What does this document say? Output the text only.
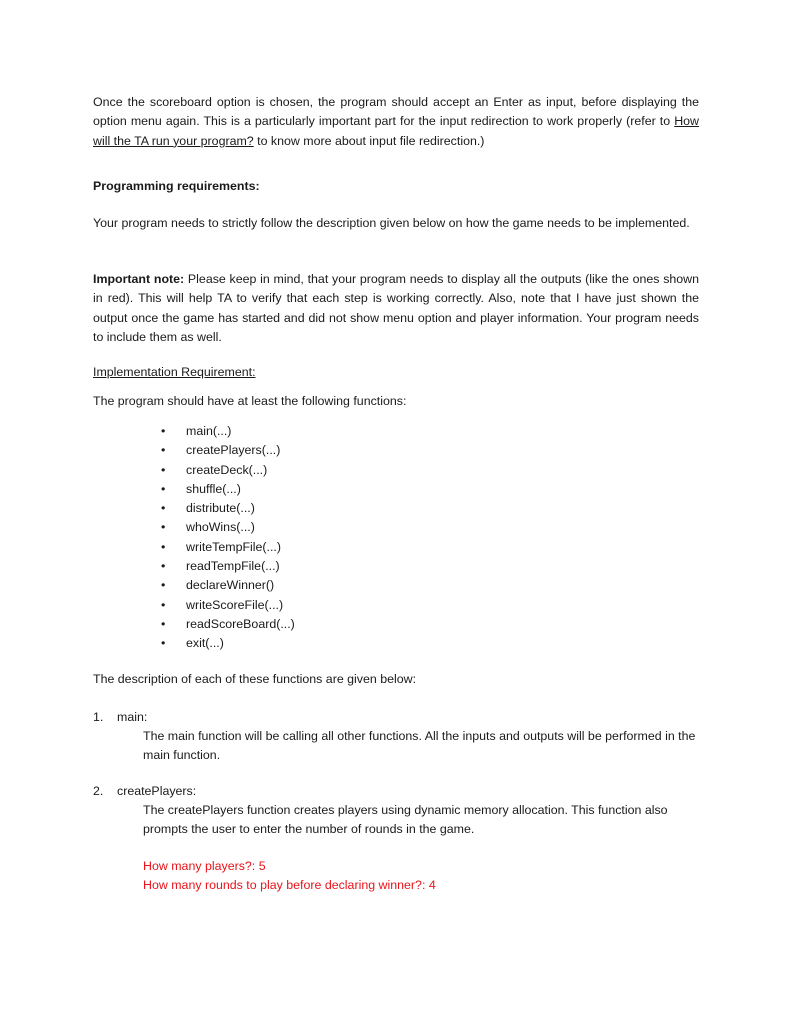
Once the scoreboard option is chosen, the program should accept an Enter as input, before displaying the option menu again. This is a particularly important part for the input redirection to work properly (refer to How will the TA run your program? to know more about input file redirection.)
Programming requirements:
Your program needs to strictly follow the description given below on how the game needs to be implemented.
Important note: Please keep in mind, that your program needs to display all the outputs (like the ones shown in red). This will help TA to verify that each step is working correctly. Also, note that I have just shown the output once the game has started and did not show menu option and player information. Your program needs to include them as well.
Implementation Requirement:
The program should have at least the following functions:
• main(...)
• createPlayers(...)
• createDeck(...)
• shuffle(...)
• distribute(...)
• whoWins(...)
• writeTempFile(...)
• readTempFile(...)
• declareWinner()
• writeScoreFile(...)
• readScoreBoard(...)
• exit(...)
The description of each of these functions are given below:
1. main:
The main function will be calling all other functions. All the inputs and outputs will be performed in the main function.
2. createPlayers:
The createPlayers function creates players using dynamic memory allocation. This function also prompts the user to enter the number of rounds in the game.
How many players?: 5
How many rounds to play before declaring winner?: 4
